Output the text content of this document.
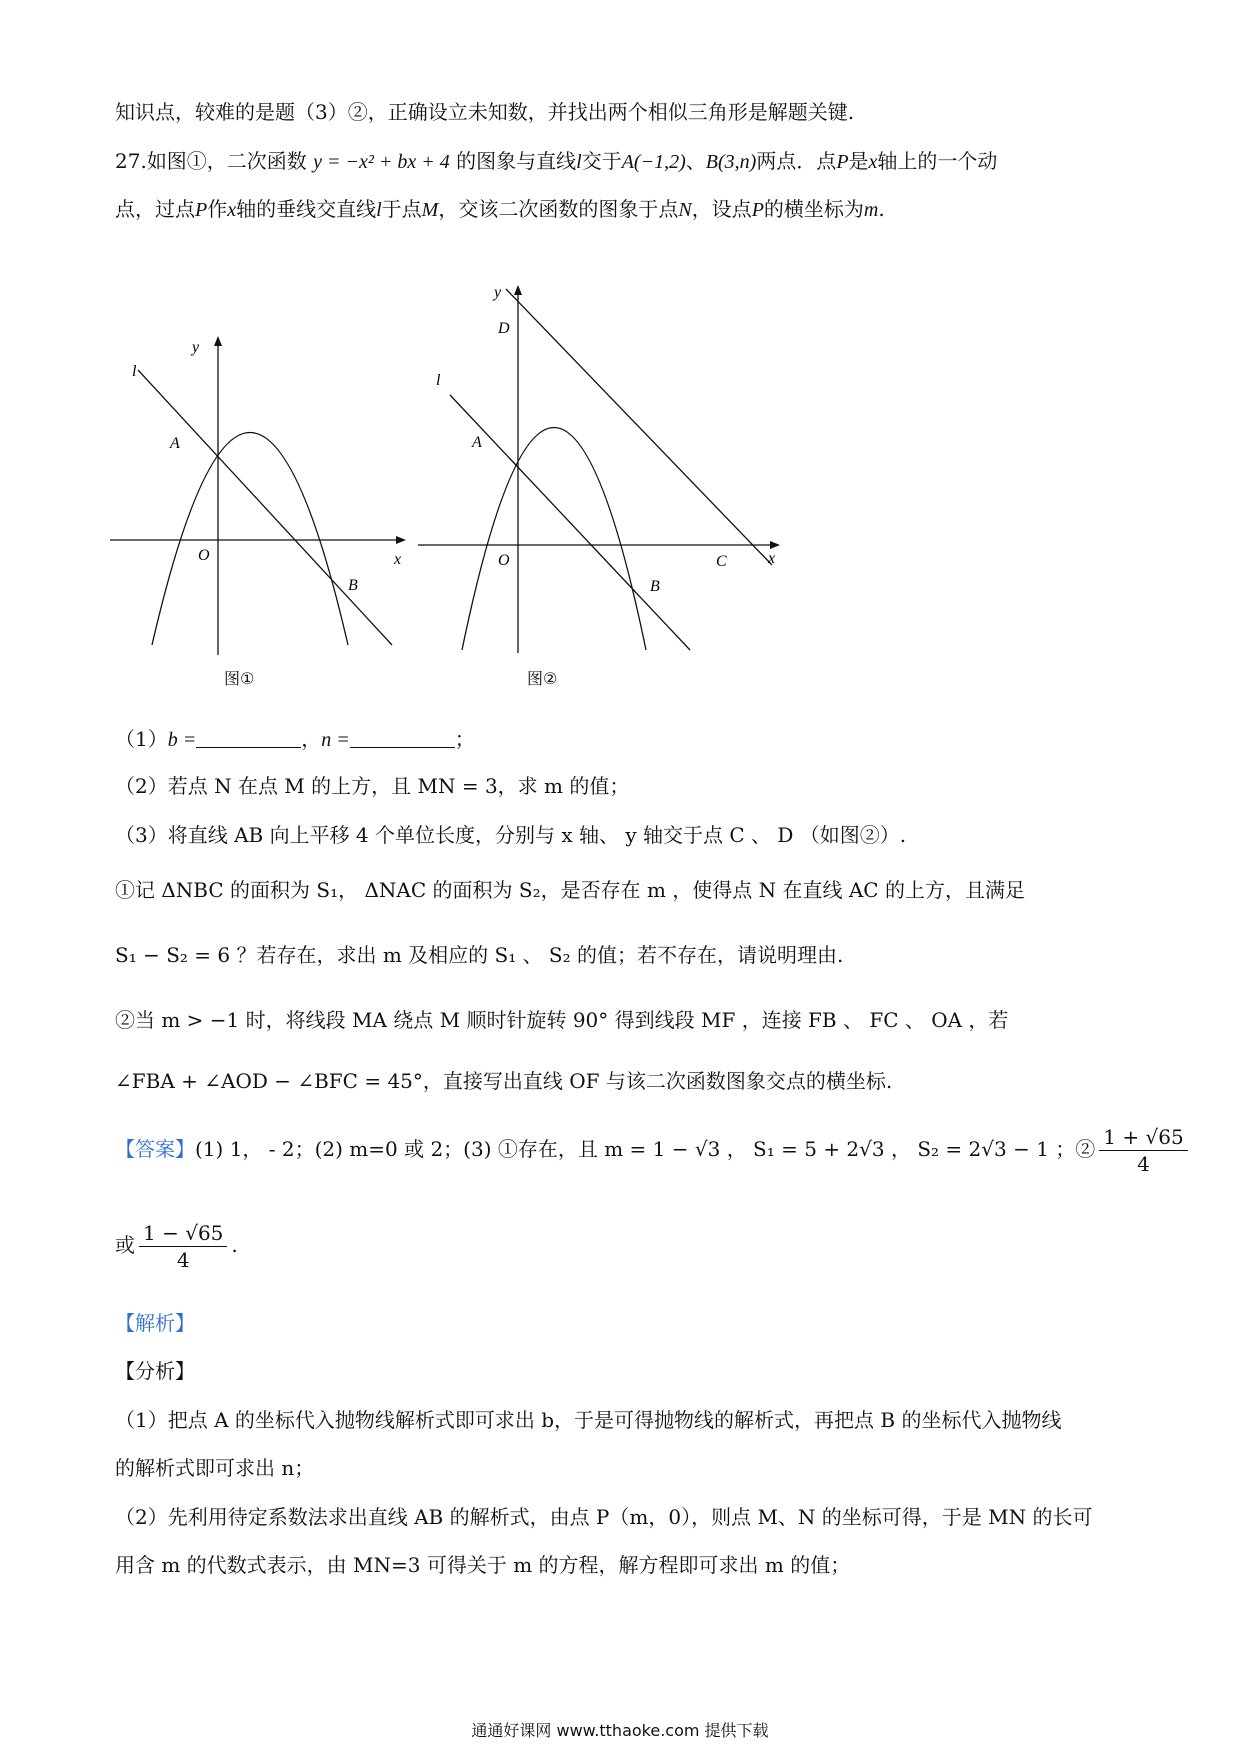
知识点，较难的是题（3）②，正确设立未知数，并找出两个相似三角形是解题关键.
27.如图①，二次函数 y = −x² + bx + 4 的图象与直线l交于A(−1,2)、B(3,n)两点．点P是x轴上的一个动
点，过点P作x轴的垂线交直线l于点M，交该二次函数的图象于点N，设点P的横坐标为m.
y
l
A
O	x
B
图①
y
D
l
A
O	C	x
B
图②
（1）b =	，n =	；
（2）若点 N 在点 M 的上方，且 MN = 3，求 m 的值；
（3）将直线 AB 向上平移 4 个单位长度，分别与 x 轴、 y 轴交于点 C 、 D （如图②）.
①记 ΔNBC 的面积为 S₁， ΔNAC 的面积为 S₂，是否存在 m ，使得点 N 在直线 AC 的上方，且满足
S₁ − S₂ = 6 ？若存在，求出 m 及相应的 S₁ 、 S₂ 的值；若不存在，请说明理由.
②当 m > −1 时，将线段 MA 绕点 M 顺时针旋转 90° 得到线段 MF ，连接 FB 、 FC 、 OA ，若
∠FBA + ∠AOD − ∠BFC = 45°，直接写出直线 OF 与该二次函数图象交点的横坐标.
【答案】(1) 1， - 2；(2) m=0 或 2；(3) ①存在，且 m = 1 − √3 ， S₁ = 5 + 2√3 ， S₂ = 2√3 − 1 ；② $\frac{1 + √65}{4}$
或 $\frac{1 - √65}{4}$ .
【解析】
【分析】
（1）把点 A 的坐标代入抛物线解析式即可求出 b，于是可得抛物线的解析式，再把点 B 的坐标代入抛物线
的解析式即可求出 n；
（2）先利用待定系数法求出直线 AB 的解析式，由点 P（m，0），则点 M、N 的坐标可得，于是 MN 的长可
用含 m 的代数式表示，由 MN=3 可得关于 m 的方程，解方程即可求出 m 的值；
通通好课网 www.tthaoke.com 提供下载
